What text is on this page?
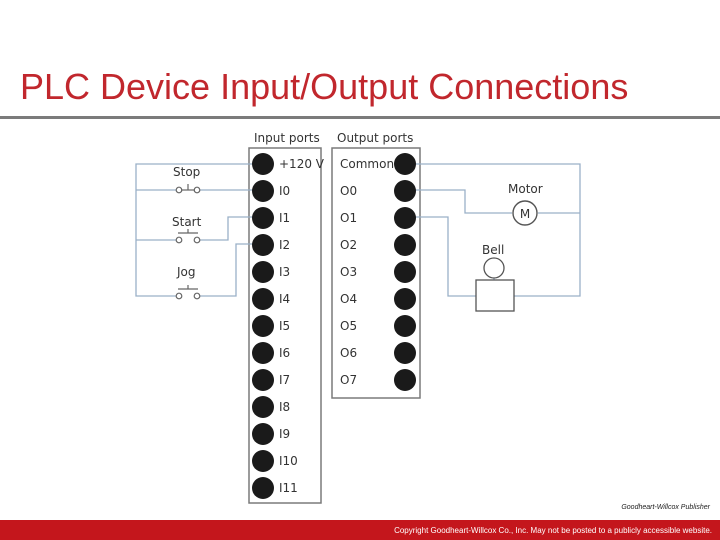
PLC Device Input/Output Connections
Input ports Output ports
Stop
Start
Jog
M
Motor
Bell
+120 V
I0
I1
I2
I3
I4
I5
I6
I7
I8
I9
I10
I11
Common
O0
O1
O2
O3
O4
O5
O6
O7
Goodheart-Willcox Publisher
Copyright Goodheart-Willcox Co., Inc. May not be posted to a publicly accessible website.
